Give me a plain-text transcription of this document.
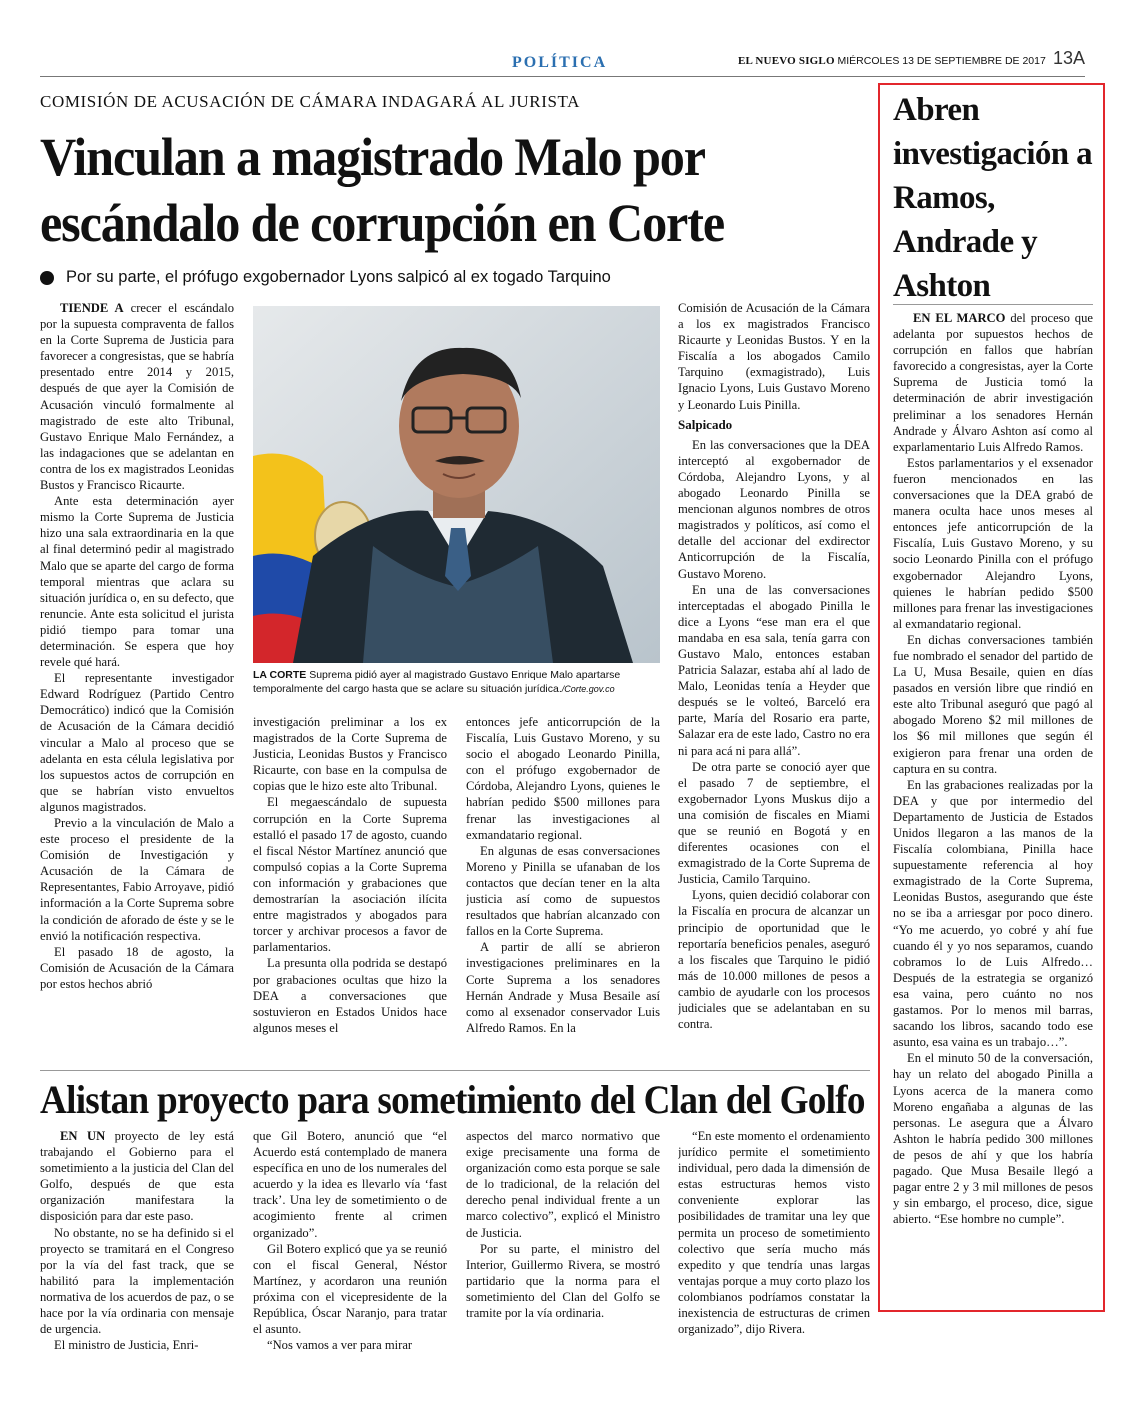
POLÍTICA	EL NUEVO SIGLO MIÉRCOLES 13 DE SEPTIEMBRE DE 2017 13A
COMISIÓN DE ACUSACIÓN DE CÁMARA INDAGARÁ AL JURISTA
Vinculan a magistrado Malo por escándalo de corrupción en Corte
Por su parte, el prófugo exgobernador Lyons salpicó al ex togado Tarquino

TIENDE A crecer el escándalo por la supuesta compraventa de fallos en la Corte Suprema de Justicia para favorecer a congresistas, que se habría presentado entre 2014 y 2015, después de que ayer la Comisión de Acusación vinculó formalmente al magistrado de este alto Tribunal, Gustavo Enrique Malo Fernández, a las indagaciones que se adelantan en contra de los ex magistrados Leonidas Bustos y Francisco Ricaurte.

Ante esta determinación ayer mismo la Corte Suprema de Justicia hizo una sala extraordinaria en la que al final determinó pedir al magistrado Malo que se aparte del cargo de forma temporal mientras que aclara su situación jurídica o, en su defecto, que renuncie. Ante esta solicitud el jurista pidió tiempo para tomar una determinación. Se espera que hoy revele qué hará.

El representante investigador Edward Rodríguez (Partido Centro Democrático) indicó que la Comisión de Acusación de la Cámara decidió vincular a Malo al proceso que se adelanta en esta célula legislativa por los supuestos actos de corrupción en que se habrían visto envueltos algunos magistrados.

Previo a la vinculación de Malo a este proceso el presidente de la Comisión de Investigación y Acusación de la Cámara de Representantes, Fabio Arroyave, pidió información a la Corte Suprema sobre la condición de aforado de éste y se le envió la notificación respectiva.

El pasado 18 de agosto, la Comisión de Acusación de la Cámara por estos hechos abrió

LA CORTE Suprema pidió ayer al magistrado Gustavo Enrique Malo apartarse temporalmente del cargo hasta que se aclare su situación jurídica./Corte.gov.co

investigación preliminar a los ex magistrados de la Corte Suprema de Justicia, Leonidas Bustos y Francisco Ricaurte, con base en la compulsa de copias que le hizo este alto Tribunal.

El megaescándalo de supuesta corrupción en la Corte Suprema estalló el pasado 17 de agosto, cuando el fiscal Néstor Martínez anunció que compulsó copias a la Corte Suprema con información y grabaciones que demostrarían la asociación ilícita entre magistrados y abogados para torcer y archivar procesos a favor de parlamentarios.

La presunta olla podrida se destapó por grabaciones ocultas que hizo la DEA a conversaciones que sostuvieron en Estados Unidos hace algunos meses el

entonces jefe anticorrupción de la Fiscalía, Luis Gustavo Moreno, y su socio el abogado Leonardo Pinilla, con el prófugo exgobernador de Córdoba, Alejandro Lyons, quienes le habrían pedido $500 millones para frenar las investigaciones al exmandatario regional.

En algunas de esas conversaciones Moreno y Pinilla se ufanaban de los contactos que decían tener en la alta justicia así como de supuestos resultados que habrían alcanzado con fallos en la Corte Suprema.

A partir de allí se abrieron investigaciones preliminares en la Corte Suprema a los senadores Hernán Andrade y Musa Besaile así como al exsenador conservador Luis Alfredo Ramos. En la

Comisión de Acusación de la Cámara a los ex magistrados Francisco Ricaurte y Leonidas Bustos. Y en la Fiscalía a los abogados Camilo Tarquino (exmagistrado), Luis Ignacio Lyons, Luis Gustavo Moreno y Leonardo Luis Pinilla.

Salpicado

En las conversaciones que la DEA interceptó al exgobernador de Córdoba, Alejandro Lyons, y al abogado Leonardo Pinilla se mencionan algunos nombres de otros magistrados y políticos, así como el detalle del accionar del exdirector Anticorrupción de la Fiscalía, Gustavo Moreno.

En una de las conversaciones interceptadas el abogado Pinilla le dice a Lyons “ese man era el que mandaba en esa sala, tenía garra con Gustavo Malo, entonces estaban Patricia Salazar, estaba ahí al lado de Malo, Leonidas tenía a Heyder que después se le volteó, Barceló era parte, María del Rosario era parte, Salazar era de este lado, Castro no era ni para acá ni para allá”.

De otra parte se conoció ayer que el pasado 7 de septiembre, el exgobernador Lyons Muskus dijo a una comisión de fiscales en Miami que se reunió en Bogotá y en diferentes ocasiones con el exmagistrado de la Corte Suprema de Justicia, Camilo Tarquino.

Lyons, quien decidió colaborar con la Fiscalía en procura de alcanzar un principio de oportunidad que le reportaría beneficios penales, aseguró a los fiscales que Tarquino le pidió más de 10.000 millones de pesos a cambio de ayudarle con los procesos judiciales que se adelantaban en su contra.

Alistan proyecto para sometimiento del Clan del Golfo

EN UN proyecto de ley está trabajando el Gobierno para el sometimiento a la justicia del Clan del Golfo, después de que esta organización manifestara la disposición para dar este paso.

No obstante, no se ha definido si el proyecto se tramitará en el Congreso por la vía del fast track, que se habilitó para la implementación normativa de los acuerdos de paz, o se hace por la vía ordinaria con mensaje de urgencia.

El ministro de Justicia, Enri-

que Gil Botero, anunció que “el Acuerdo está contemplado de manera específica en uno de los numerales del acuerdo y la idea es llevarlo vía ‘fast track’. Una ley de sometimiento o de acogimiento frente al crimen organizado”.

Gil Botero explicó que ya se reunió con el fiscal General, Néstor Martínez, y acordaron una reunión próxima con el vicepresidente de la República, Óscar Naranjo, para tratar el asunto.

“Nos vamos a ver para mirar

aspectos del marco normativo que exige precisamente una forma de organización como esta porque se sale de lo tradicional, de la relación del derecho penal individual frente a un marco colectivo”, explicó el Ministro de Justicia.

Por su parte, el ministro del Interior, Guillermo Rivera, se mostró partidario que la norma para el sometimiento del Clan del Golfo se tramite por la vía ordinaria.

“En este momento el ordenamiento jurídico permite el sometimiento individual, pero dada la dimensión de estas estructuras hemos visto conveniente explorar las posibilidades de tramitar una ley que permita un proceso de sometimiento colectivo que sería mucho más expedito y que tendría unas largas ventajas porque a muy corto plazo los colombianos podríamos constatar la inexistencia de estructuras de crimen organizado”, dijo Rivera.

Abren investigación a Ramos, Andrade y Ashton

EN EL MARCO del proceso que adelanta por supuestos hechos de corrupción en fallos que habrían favorecido a congresistas, ayer la Corte Suprema de Justicia tomó la determinación de abrir investigación preliminar a los senadores Hernán Andrade y Álvaro Ashton así como al exparlamentario Luis Alfredo Ramos.

Estos parlamentarios y el exsenador fueron mencionados en las conversaciones que la DEA grabó de manera oculta hace unos meses al entonces jefe anticorrupción de la Fiscalía, Luis Gustavo Moreno, y su socio Leonardo Pinilla con el prófugo exgobernador Alejandro Lyons, quienes le habrían pedido $500 millones para frenar las investigaciones al exmandatario regional.

En dichas conversaciones también fue nombrado el senador del partido de La U, Musa Besaile, quien en días pasados en versión libre que rindió en este alto Tribunal aseguró que pagó al abogado Moreno $2 mil millones de los $6 mil millones que según él exigieron para frenar una orden de captura en su contra.

En las grabaciones realizadas por la DEA y que por intermedio del Departamento de Justicia de Estados Unidos llegaron a las manos de la Fiscalía colombiana, Pinilla hace supuestamente referencia al hoy exmagistrado de la Corte Suprema, Leonidas Bustos, asegurando que éste no se iba a arriesgar por poco dinero. “Yo me acuerdo, yo cobré y ahí fue cuando él y yo nos separamos, cuando cobramos lo de Luis Alfredo… Después de la estrategia se organizó esa vaina, pero cuánto no nos gastamos. Por lo menos mil barras, sacando los libros, sacando todo ese asunto, esa vaina es un trabajo…”.

En el minuto 50 de la conversación, hay un relato del abogado Pinilla a Lyons acerca de la manera como Moreno engañaba a algunas de las personas. Le asegura que a Álvaro Ashton le habría pedido 300 millones de pesos de ahí y que los habría pagado. Que Musa Besaile llegó a pagar entre 2 y 3 mil millones de pesos y sin embargo, el proceso, dice, sigue abierto. “Ese hombre no cumple”.
